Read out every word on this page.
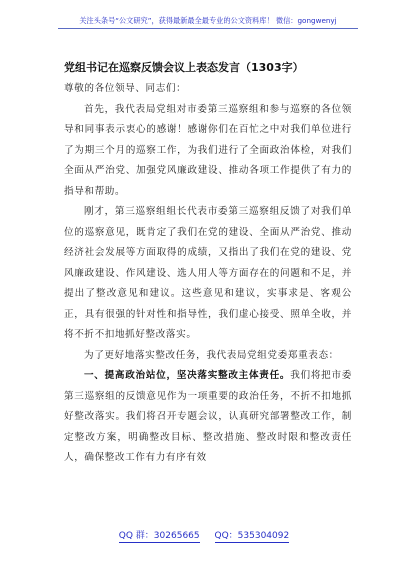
关注头条号“公文研究”，获得最新最全最专业的公文资料库！ 微信：gongwenyj
党组书记在巡察反馈会议上表态发言（1303字）

尊敬的各位领导、同志们：

首先，我代表局党组对市委第三巡察组和参与巡察的各位领导和同事表示衷心的感谢！感谢你们在百忙之中对我们单位进行了为期三个月的巡察工作，为我们进行了全面政治体检，对我们全面从严治党、加强党风廉政建设、推动各项工作提供了有力的指导和帮助。

刚才，第三巡察组组长代表市委第三巡察组反馈了对我们单位的巡察意见，既肯定了我们在党的建设、全面从严治党、推动经济社会发展等方面取得的成绩，又指出了我们在党的建设、党风廉政建设、作风建设、选人用人等方面存在的问题和不足，并提出了整改意见和建议。这些意见和建议，实事求是、客观公正，具有很强的针对性和指导性，我们虚心接受、照单全收，并将不折不扣地抓好整改落实。

为了更好地落实整改任务，我代表局党组党委郑重表态：

一、提高政治站位，坚决落实整改主体责任。我们将把市委第三巡察组的反馈意见作为一项重要的政治任务，不折不扣地抓好整改落实。我们将召开专题会议，认真研究部署整改工作，制定整改方案，明确整改目标、整改措施、整改时限和整改责任人，确保整改工作有力有序有效

QQ 群：30265665 QQ：535304092
